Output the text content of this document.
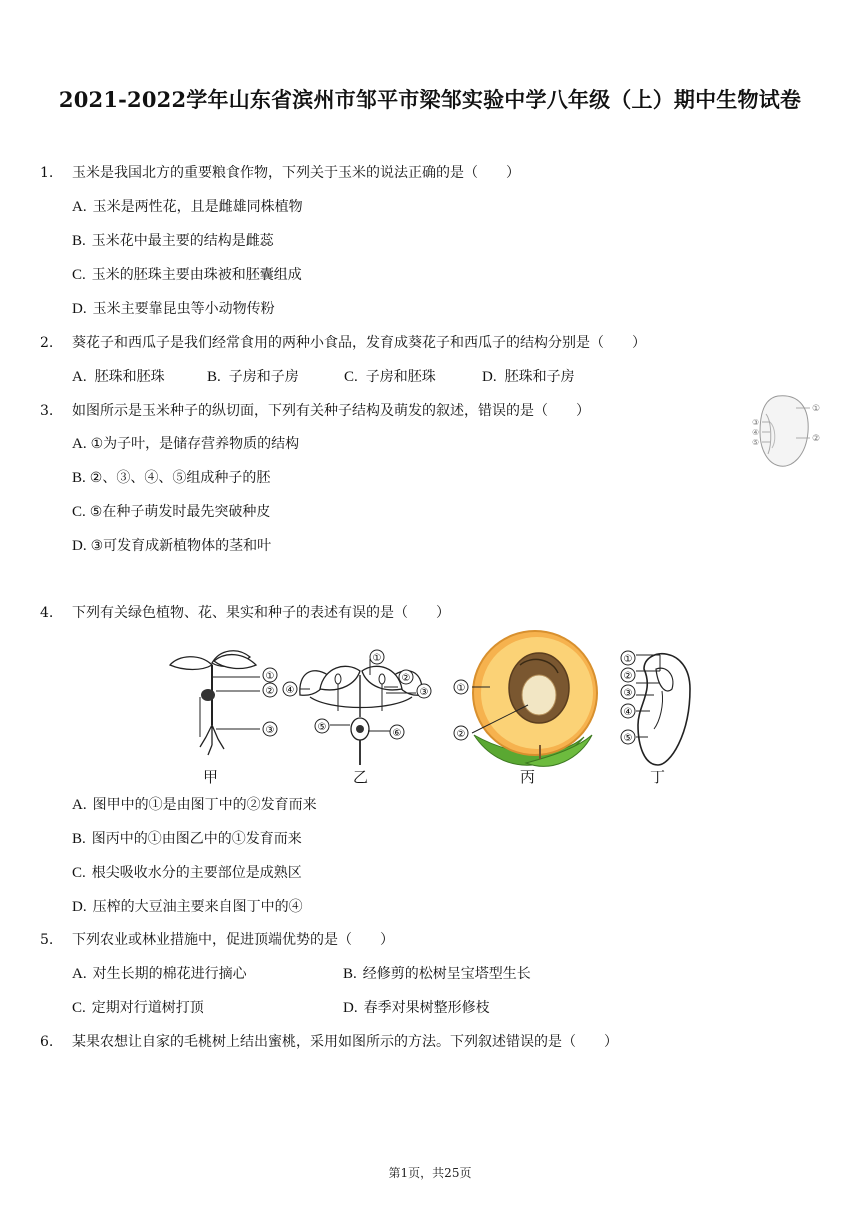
2021-2022学年山东省滨州市邹平市梁邹实验中学八年级（上）期中生物试卷
1. 玉米是我国北方的重要粮食作物，下列关于玉米的说法正确的是（　　）
A. 玉米是两性花，且是雌雄同株植物
B. 玉米花中最主要的结构是雌蕊
C. 玉米的胚珠主要由珠被和胚囊组成
D. 玉米主要靠昆虫等小动物传粉
2. 葵花子和西瓜子是我们经常食用的两种小食品，发育成葵花子和西瓜子的结构分别是（　　）
A. 胚珠和胚珠	B. 子房和子房	C. 子房和胚珠	D. 胚珠和子房
3. 如图所示是玉米种子的纵切面，下列有关种子结构及萌发的叙述，错误的是（　　）
A. ①为子叶，是储存营养物质的结构
B. ②、③、④、⑤组成种子的胚
C. ⑤在种子萌发时最先突破种皮
D. ③可发育成新植物体的茎和叶
①
②
③
④
⑤
4. 下列有关绿色植物、花、果实和种子的表述有误的是（　　）
①
②
③
①
②
③
④
⑤
⑥
①
②
①
②
③
④
⑤
甲	乙	丙	丁
A. 图甲中的①是由图丁中的②发育而来
B. 图丙中的①由图乙中的①发育而来
C. 根尖吸收水分的主要部位是成熟区
D. 压榨的大豆油主要来自图丁中的④
5. 下列农业或林业措施中，促进顶端优势的是（　　）
A. 对生长期的棉花进行摘心	B. 经修剪的松树呈宝塔型生长
C. 定期对行道树打顶	D. 春季对果树整形修枝
6. 某果农想让自家的毛桃树上结出蜜桃，采用如图所示的方法。下列叙述错误的是（　　）
第1页，共25页
